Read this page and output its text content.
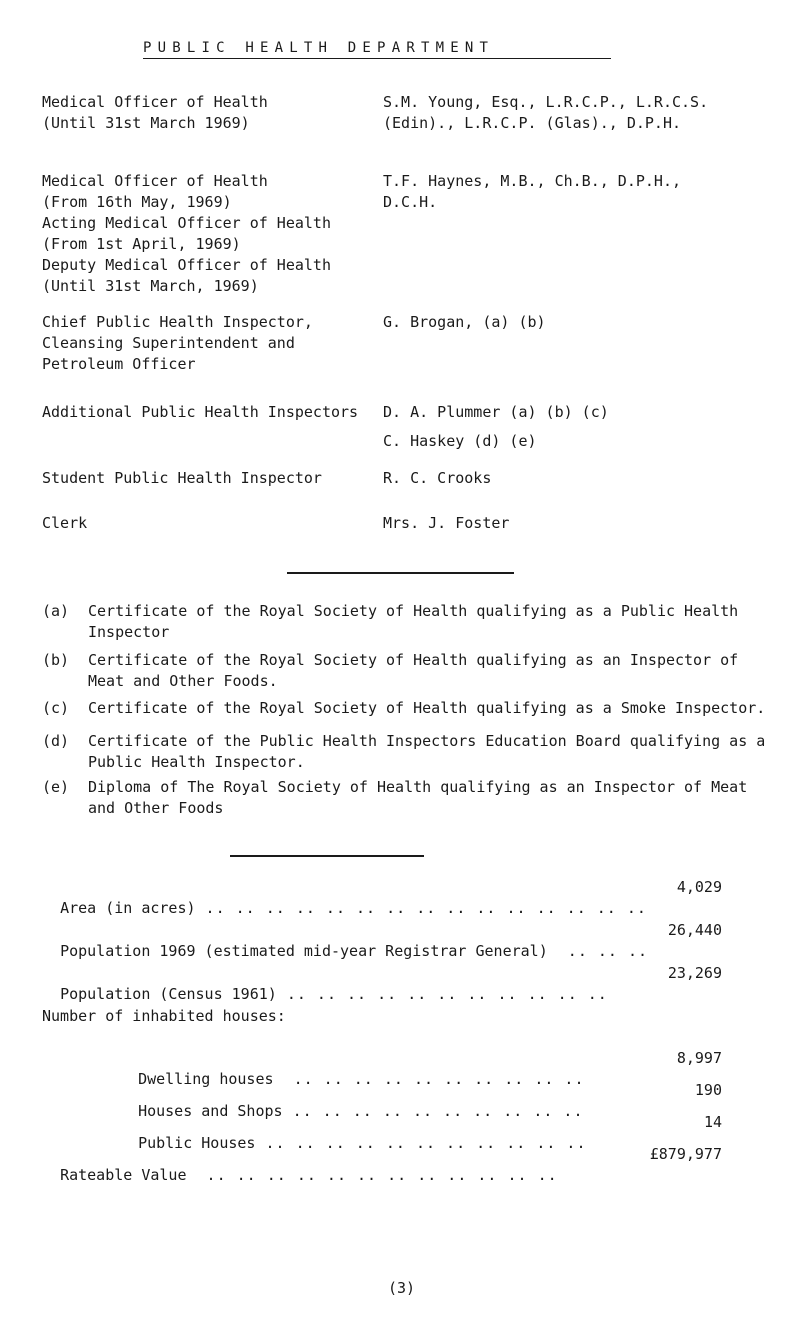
PUBLIC HEALTH DEPARTMENT
Medical Officer of Health
(Until 31st March 1969)
S.M. Young, Esq., L.R.C.P., L.R.C.S.
(Edin)., L.R.C.P. (Glas)., D.P.H.
Medical Officer of Health
(From 16th May, 1969)
Acting Medical Officer of Health
(From 1st April, 1969)
Deputy Medical Officer of Health
(Until 31st March, 1969)
T.F. Haynes, M.B., Ch.B., D.P.H.,
D.C.H.
Chief Public Health Inspector,
Cleansing Superintendent and
Petroleum Officer
G. Brogan, (a) (b)
Additional Public Health Inspectors D. A. Plummer (a) (b) (c)
C. Haskey (d) (e)
Student Public Health Inspector	R. C. Crooks
Clerk	Mrs. J. Foster
(a) Certificate of the Royal Society of Health qualifying as a Public Health Inspector
(b) Certificate of the Royal Society of Health qualifying as an Inspector of Meat and Other Foods.
(c) Certificate of the Royal Society of Health qualifying as a Smoke Inspector.
(d) Certificate of the Public Health Inspectors Education Board qualifying as a Public Health Inspector.
(e) Diploma of The Royal Society of Health qualifying as an Inspector of Meat and Other Foods

Area (in acres) .. .. .. .. .. .. .. .. .. .. .. .. .. .. ..

4,029

Population 1969 (estimated mid-year Registrar General)  .. .. ..

26,440

Population (Census 1961) .. .. .. .. .. .. .. .. .. .. ..

23,269
Number of inhabited houses:

Dwelling houses  .. .. .. .. .. .. .. .. .. ..

8,997

Houses and Shops .. .. .. .. .. .. .. .. .. ..

190

Public Houses .. .. .. .. .. .. .. .. .. .. ..

14

Rateable Value  .. .. .. .. .. .. .. .. .. .. .. ..

£879,977
(3)
